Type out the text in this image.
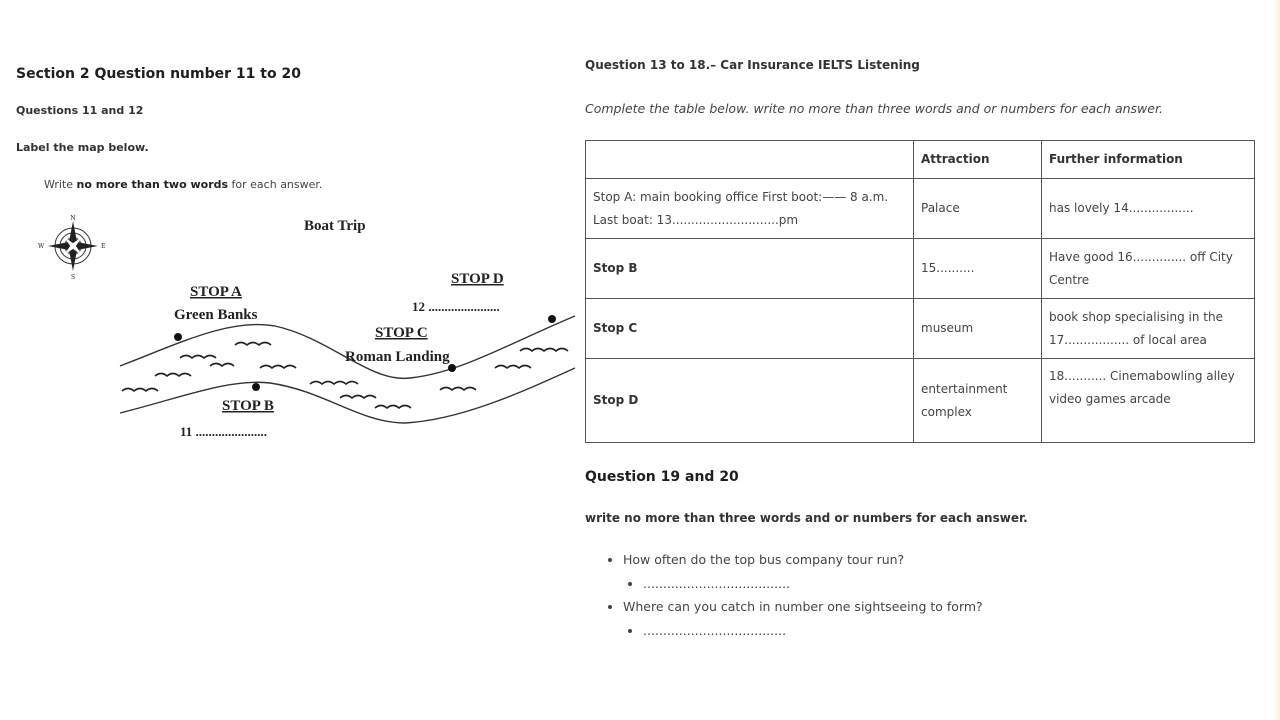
Section 2 Question number 11 to 20
Questions 11 and 12
Label the map below.
Write no more than two words for each answer.
N
S
E
W
Boat Trip
STOP A
Green Banks
STOP B
11 ......................
STOP C
Roman Landing
STOP D
12 ......................
Question 13 to 18.– Car Insurance IELTS Listening
Complete the table below. write no more than three words and or numbers for each answer.
	Attraction	Further information
Stop A: main booking office First boot:—— 8 a.m. Last boat: 13............................pm	Palace	has lovely 14.................
Stop B	15..........	Have good 16.............. off City Centre
Stop C	museum	book shop specialising in the 17................. of local area
Stop D	entertainment complex	18........... Cinemabowling alley video games arcade
Question 19 and 20
write no more than three words and or numbers for each answer.
• How often do the top bus company tour run?
• .....................................
• Where can you catch in number one sightseeing to form?
• ....................................
